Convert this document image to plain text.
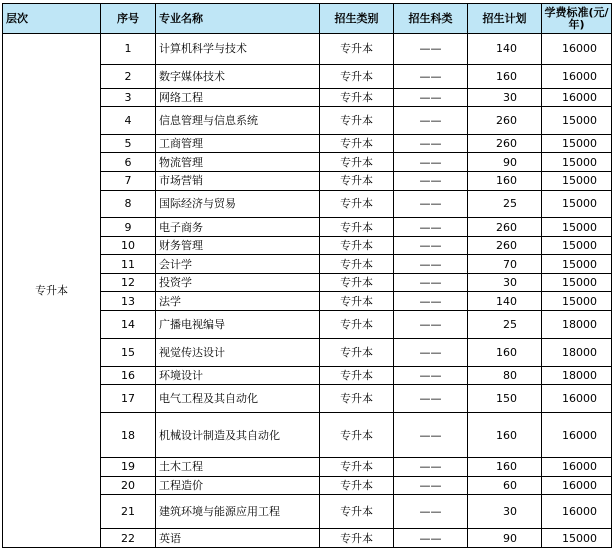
层次	序号	专业名称	招生类别	招生科类	招生计划	学费标准(元/年)
专升本	1	计算机科学与技术	专升本	——	140	16000
	2	数字媒体技术	专升本	——	160	16000
	3	网络工程	专升本	——	30	16000
	4	信息管理与信息系统	专升本	——	260	15000
	5	工商管理	专升本	——	260	15000
	6	物流管理	专升本	——	90	15000
	7	市场营销	专升本	——	160	15000
	8	国际经济与贸易	专升本	——	25	15000
	9	电子商务	专升本	——	260	15000
	10	财务管理	专升本	——	260	15000
	11	会计学	专升本	——	70	15000
	12	投资学	专升本	——	30	15000
	13	法学	专升本	——	140	15000
	14	广播电视编导	专升本	——	25	18000
	15	视觉传达设计	专升本	——	160	18000
	16	环境设计	专升本	——	80	18000
	17	电气工程及其自动化	专升本	——	150	16000
	18	机械设计制造及其自动化	专升本	——	160	16000
	19	土木工程	专升本	——	160	16000
	20	工程造价	专升本	——	60	16000
	21	建筑环境与能源应用工程	专升本	——	30	16000
	22	英语	专升本	——	90	15000
